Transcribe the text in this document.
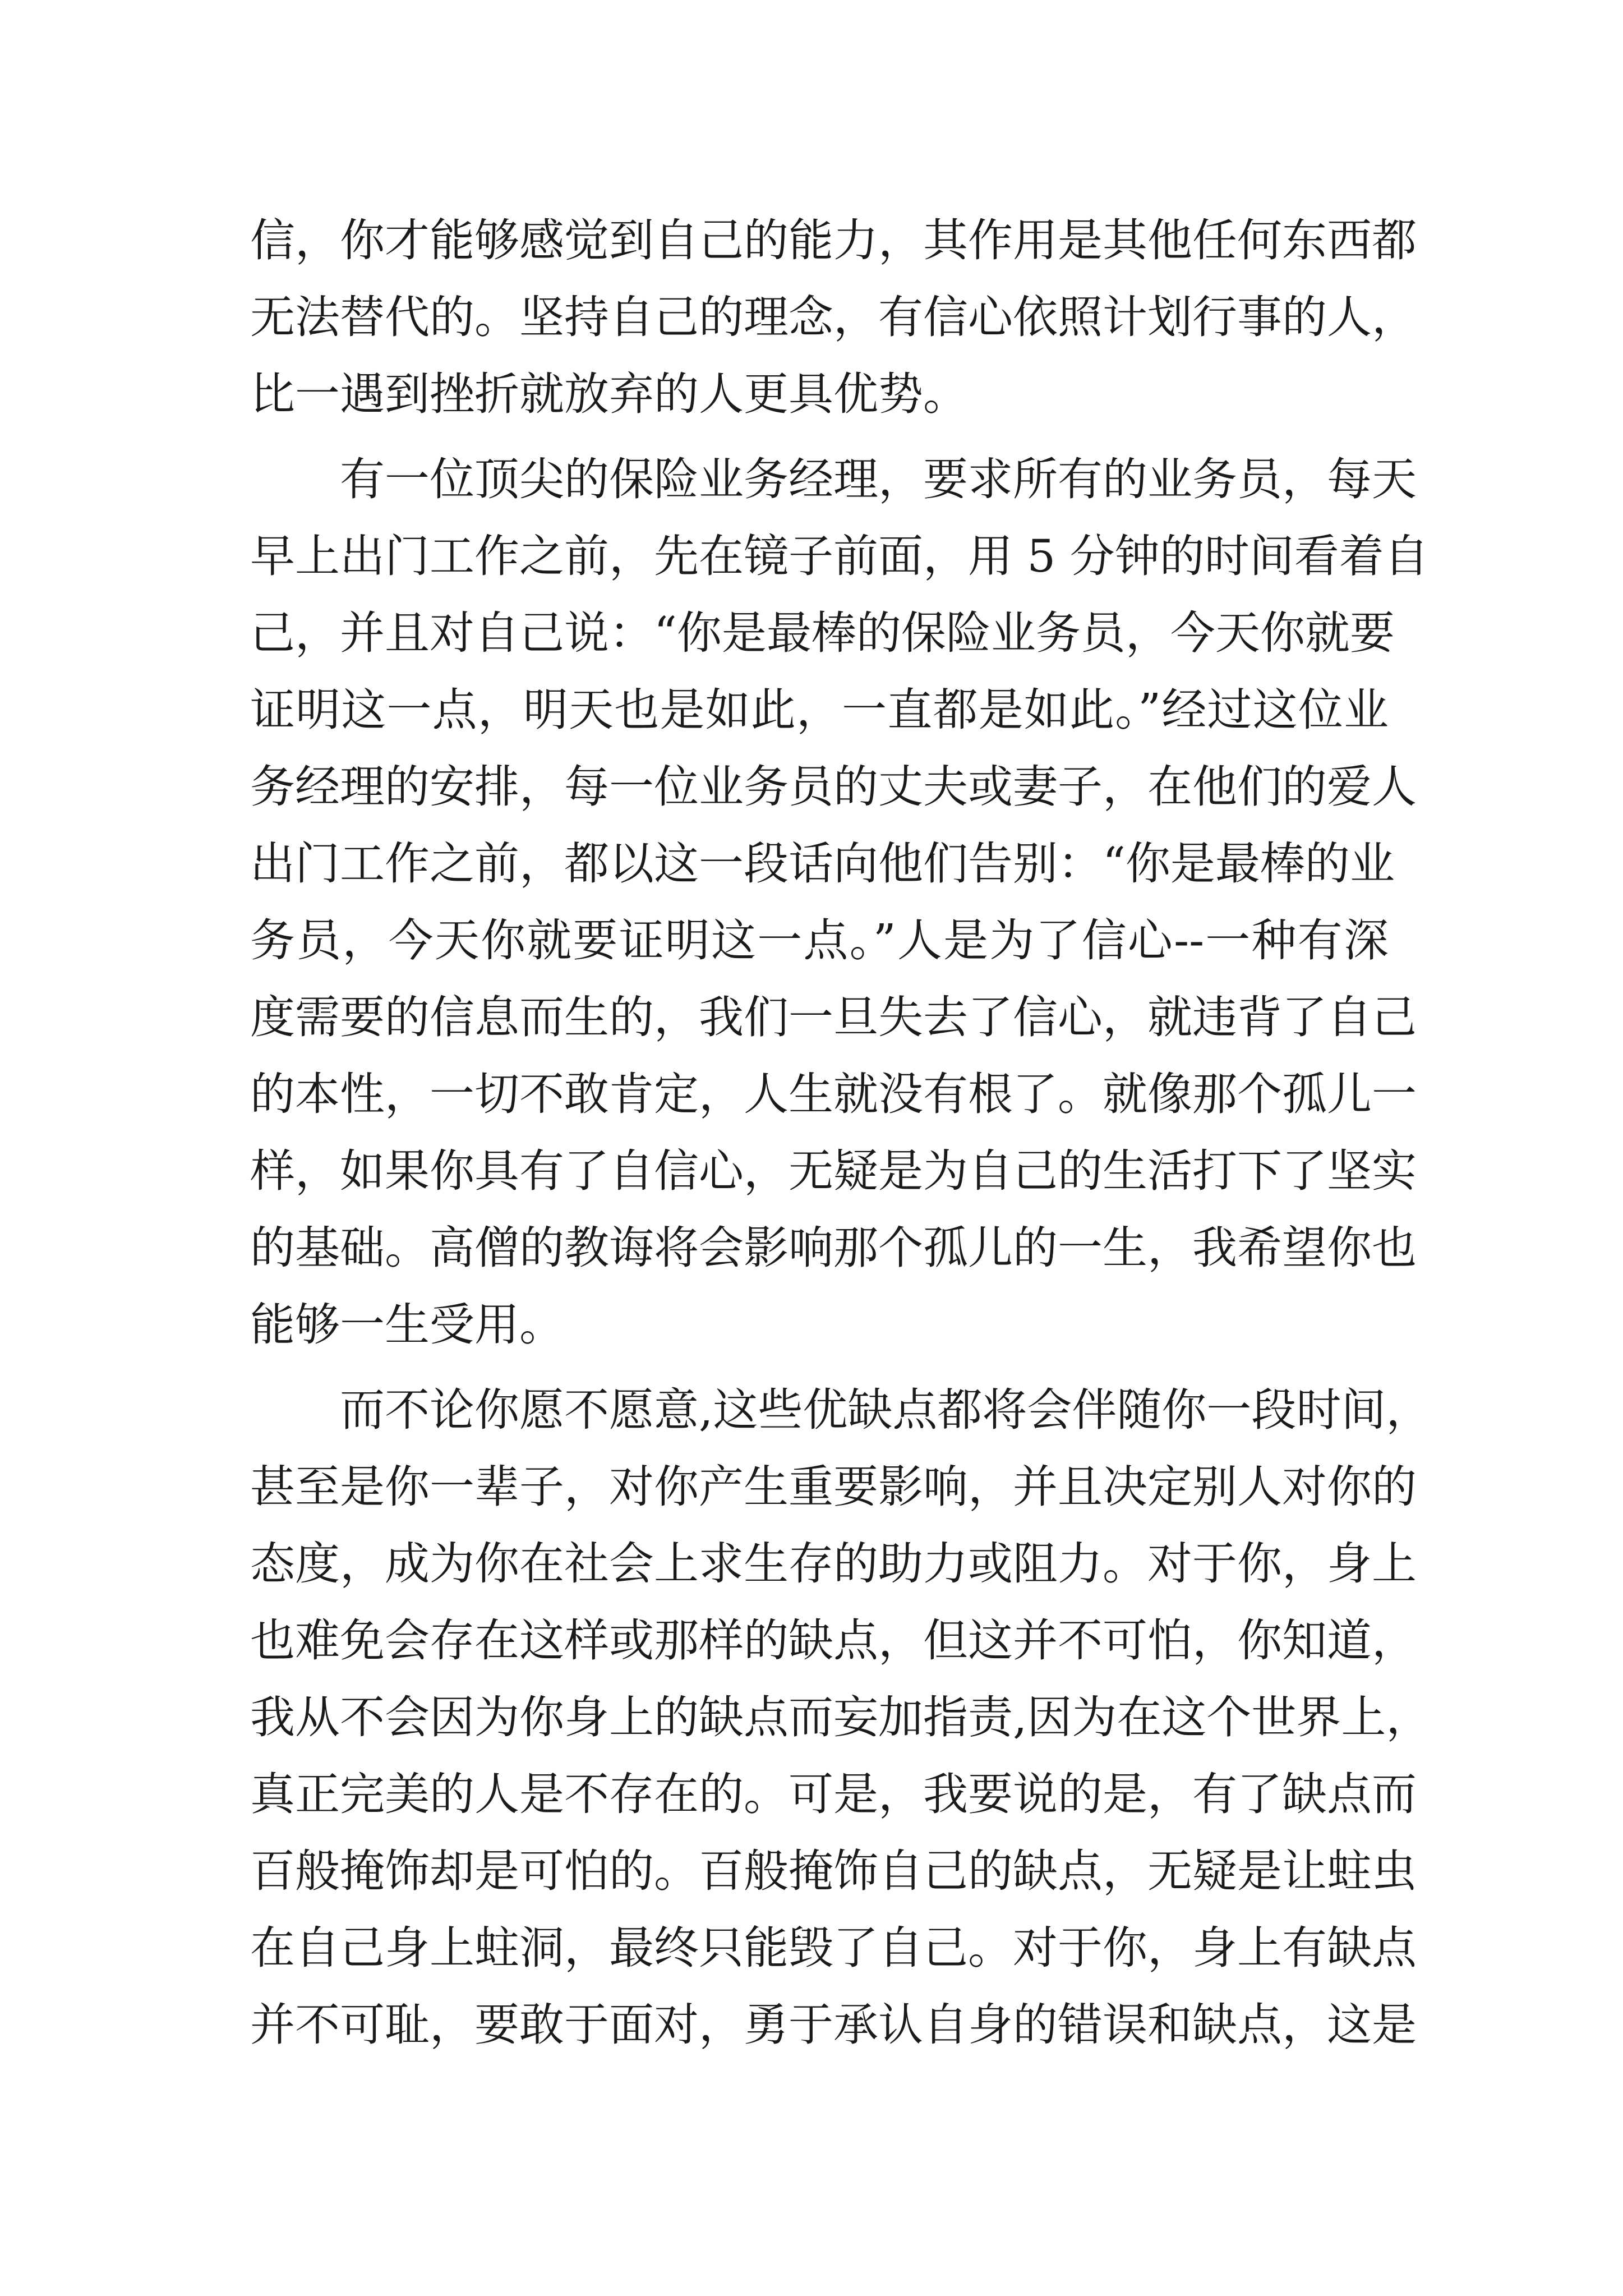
信，你才能够感觉到自己的能力，其作用是其他任何东西都
无法替代的。坚持自己的理念，有信心依照计划行事的人，
比一遇到挫折就放弃的人更具优势。
　　有一位顶尖的保险业务经理，要求所有的业务员，每天
早上出门工作之前，先在镜子前面，用 5 分钟的时间看着自
己，并且对自己说：“你是最棒的保险业务员，今天你就要
证明这一点，明天也是如此，一直都是如此。”经过这位业
务经理的安排，每一位业务员的丈夫或妻子，在他们的爱人
出门工作之前，都以这一段话向他们告别：“你是最棒的业
务员，今天你就要证明这一点。”人是为了信心--一种有深
度需要的信息而生的，我们一旦失去了信心，就违背了自己
的本性，一切不敢肯定，人生就没有根了。就像那个孤儿一
样，如果你具有了自信心，无疑是为自己的生活打下了坚实
的基础。高僧的教诲将会影响那个孤儿的一生，我希望你也
能够一生受用。
　　而不论你愿不愿意,这些优缺点都将会伴随你一段时间，
甚至是你一辈子，对你产生重要影响，并且决定别人对你的
态度，成为你在社会上求生存的助力或阻力。对于你，身上
也难免会存在这样或那样的缺点，但这并不可怕，你知道，
我从不会因为你身上的缺点而妄加指责,因为在这个世界上，
真正完美的人是不存在的。可是，我要说的是，有了缺点而
百般掩饰却是可怕的。百般掩饰自己的缺点，无疑是让蛀虫
在自己身上蛀洞，最终只能毁了自己。对于你，身上有缺点
并不可耻，要敢于面对，勇于承认自身的错误和缺点，这是
